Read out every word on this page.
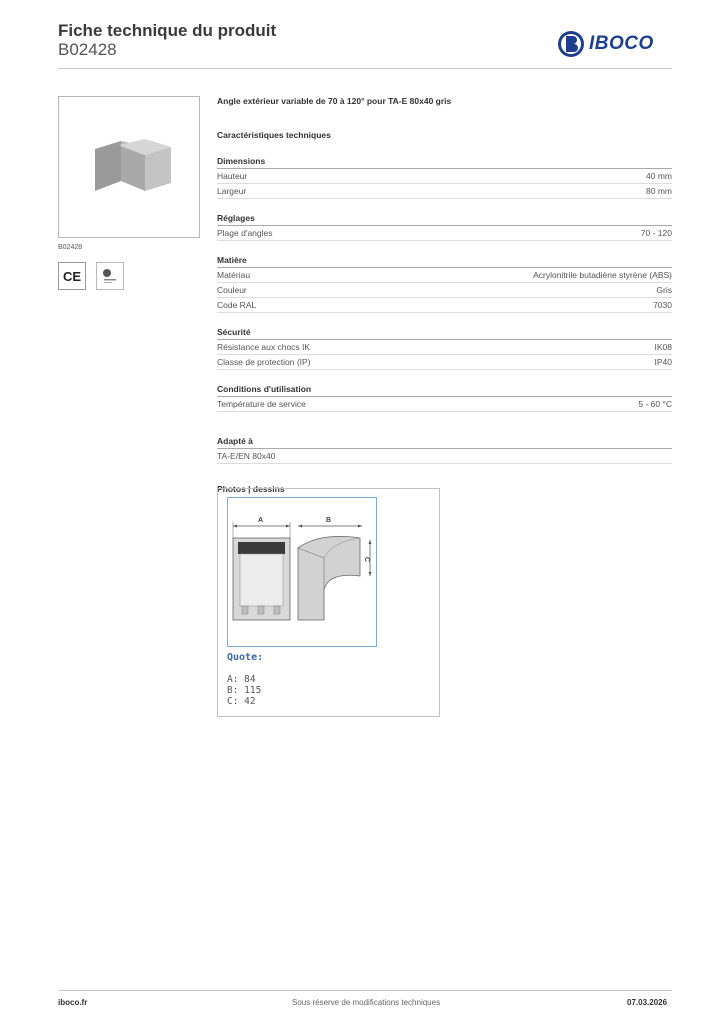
Fiche technique du produit
B02428	IBOCO
B02428
CE
Angle extérieur variable de 70 à 120° pour TA-E 80x40 gris
Caractéristiques techniques
Dimensions
Hauteur	40 mm
Largeur	80 mm
Réglages
Plage d'angles	70 - 120
Matière
Matériau	Acrylonitrile butadiène styrène (ABS)
Couleur	Gris
Code RAL	7030
Sécurité
Résistance aux chocs IK	IK08
Classe de protection (IP)	IP40
Conditions d'utilisation
Température de service	5 - 60 °C
Adapté à
TA-E/EN 80x40
Photos | dessins
A	B
C
Quote:
A: 84
B: 115
C: 42
iboco.fr	Sous réserve de modifications techniques	07.03.2026
